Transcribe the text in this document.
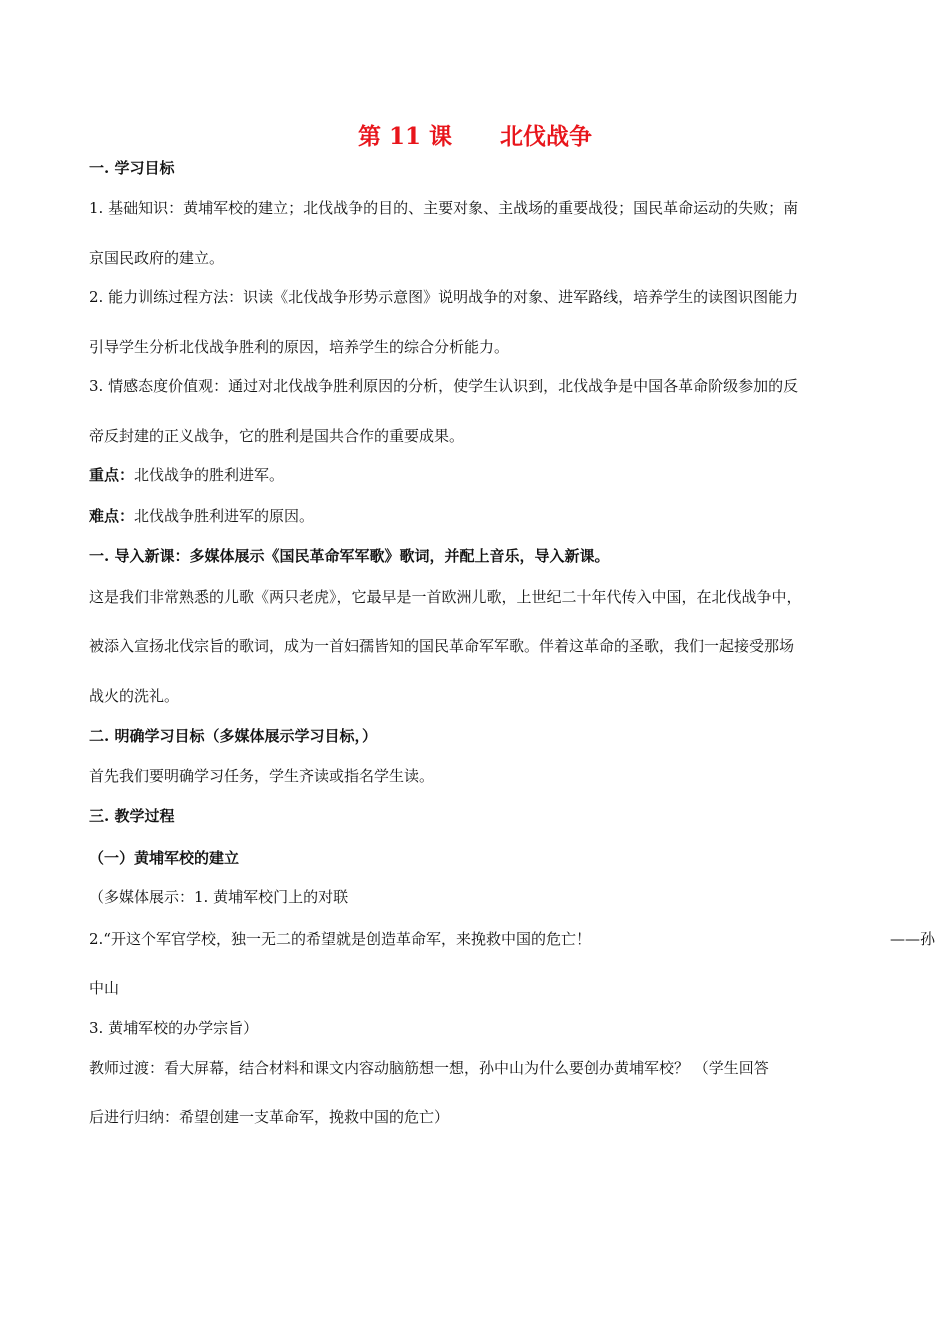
第 11 课      北伐战争

一. 学习目标

1. 基础知识：黄埔军校的建立；北伐战争的目的、主要对象、主战场的重要战役；国民革命运动的失败；南

京国民政府的建立。

2. 能力训练过程方法：识读《北伐战争形势示意图》说明战争的对象、进军路线，培养学生的读图识图能力

引导学生分析北伐战争胜利的原因，培养学生的综合分析能力。

3. 情感态度价值观：通过对北伐战争胜利原因的分析，使学生认识到，北伐战争是中国各革命阶级参加的反

帝反封建的正义战争，它的胜利是国共合作的重要成果。

重点：北伐战争的胜利进军。

难点：北伐战争胜利进军的原因。

一. 导入新课：多媒体展示《国民革命军军歌》歌词，并配上音乐，导入新课。

这是我们非常熟悉的儿歌《两只老虎》，它最早是一首欧洲儿歌，上世纪二十年代传入中国，在北伐战争中，

被添入宣扬北伐宗旨的歌词，成为一首妇孺皆知的国民革命军军歌。伴着这革命的圣歌，我们一起接受那场

战火的洗礼。

二. 明确学习目标（多媒体展示学习目标，）

首先我们要明确学习任务，学生齐读或指名学生读。

三. 教学过程

（一）黄埔军校的建立

（多媒体展示：1. 黄埔军校门上的对联

2.“开这个军官学校，独一无二的希望就是创造革命军，来挽救中国的危亡！	——孙

中山

3. 黄埔军校的办学宗旨）

教师过渡：看大屏幕，结合材料和课文内容动脑筋想一想，孙中山为什么要创办黄埔军校？ （学生回答

后进行归纳：希望创建一支革命军，挽救中国的危亡）
